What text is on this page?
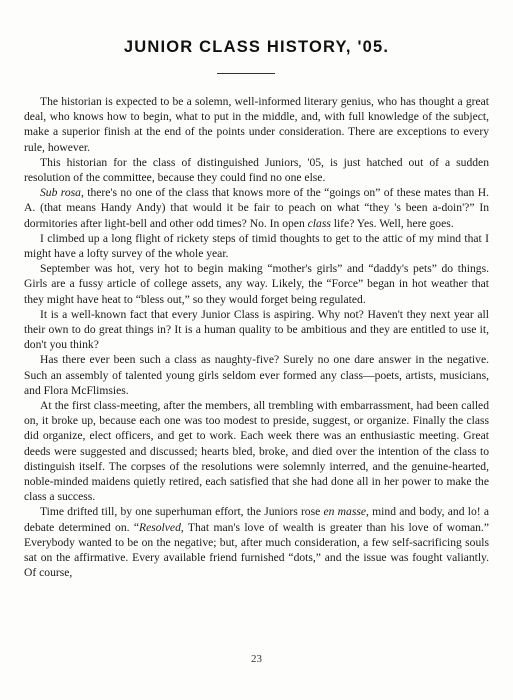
JUNIOR CLASS HISTORY, '05.

The historian is expected to be a solemn, well-informed literary genius, who has thought a great deal, who knows how to begin, what to put in the middle, and, with full knowledge of the subject, make a superior finish at the end of the points under consideration. There are exceptions to every rule, however.

This historian for the class of distinguished Juniors, '05, is just hatched out of a sudden resolution of the committee, because they could find no one else.

Sub rosa, there's no one of the class that knows more of the “goings on” of these mates than H. A. (that means Handy Andy) that would it be fair to peach on what “they 's been a-doin'?” In dormitories after light-bell and other odd times? No. In open class life? Yes. Well, here goes.

I climbed up a long flight of rickety steps of timid thoughts to get to the attic of my mind that I might have a lofty survey of the whole year.

September was hot, very hot to begin making “mother's girls” and “daddy's pets” do things. Girls are a fussy article of college assets, any way. Likely, the “Force” began in hot weather that they might have heat to “bless out,” so they would forget being regulated.

It is a well-known fact that every Junior Class is aspiring. Why not? Haven't they next year all their own to do great things in? It is a human quality to be ambitious and they are entitled to use it, don't you think?

Has there ever been such a class as naughty-five? Surely no one dare answer in the negative. Such an assembly of talented young girls seldom ever formed any class—poets, artists, musicians, and Flora McFlimsies.

At the first class-meeting, after the members, all trembling with embarrassment, had been called on, it broke up, because each one was too modest to preside, suggest, or organize. Finally the class did organize, elect officers, and get to work. Each week there was an enthusiastic meeting. Great deeds were suggested and discussed; hearts bled, broke, and died over the intention of the class to distinguish itself. The corpses of the resolutions were solemnly interred, and the genuine-hearted, noble-minded maidens quietly retired, each satisfied that she had done all in her power to make the class a success.

Time drifted till, by one superhuman effort, the Juniors rose en masse, mind and body, and lo! a debate determined on. “Resolved, That man's love of wealth is greater than his love of woman.” Everybody wanted to be on the negative; but, after much consideration, a few self-sacrificing souls sat on the affirmative. Every available friend furnished “dots,” and the issue was fought valiantly. Of course,

23
